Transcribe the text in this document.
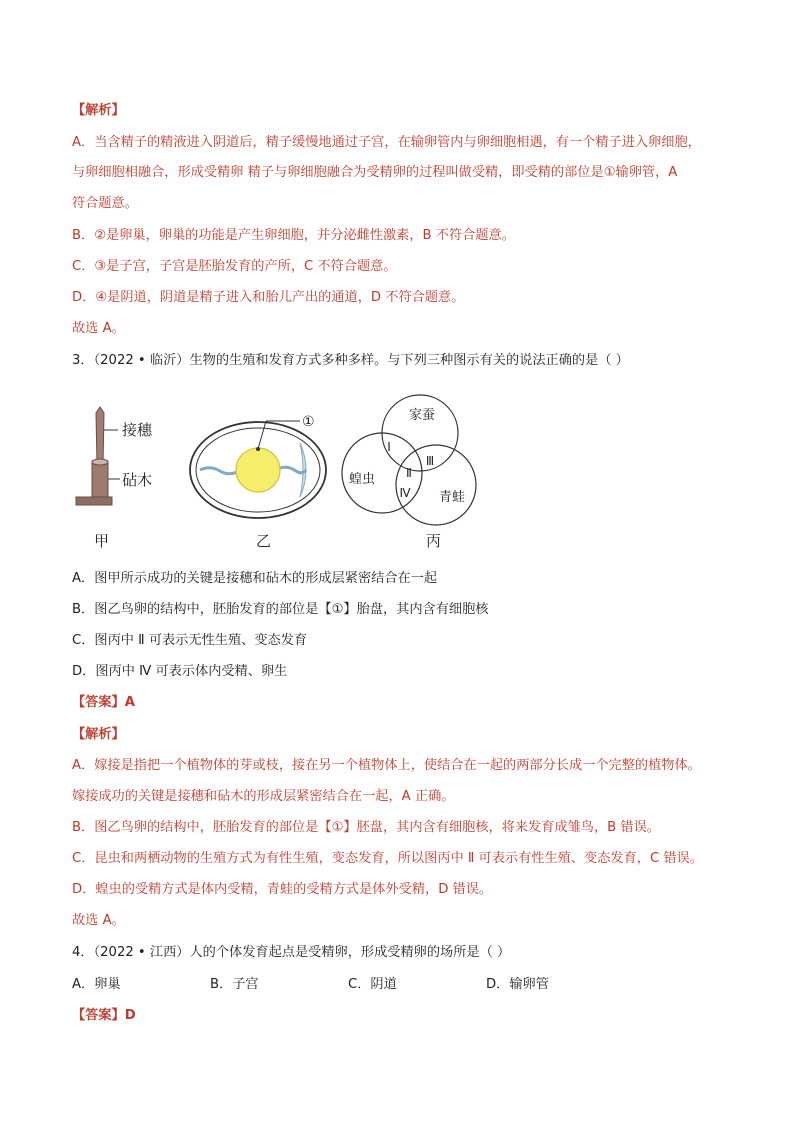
【解析】
A．当含精子的精液进入阴道后，精子缓慢地通过子宫，在输卵管内与卵细胞相遇，有一个精子进入卵细胞，
与卵细胞相融合，形成受精卵 精子与卵细胞融合为受精卵的过程叫做受精，即受精的部位是①输卵管，A
符合题意。
B．②是卵巢，卵巢的功能是产生卵细胞，并分泌雌性激素，B 不符合题意。
C．③是子宫，子宫是胚胎发育的产所，C 不符合题意。
D．④是阴道，阴道是精子进入和胎儿产出的通道，D 不符合题意。
故选 A。
3．（2022 • 临沂）生物的生殖和发育方式多种多样。与下列三种图示有关的说法正确的是（ ）
接穗
砧木
①	家蚕
蝗虫
青蛙
Ⅰ
Ⅱ
Ⅲ
Ⅳ
甲	乙	丙
A．图甲所示成功的关键是接穗和砧木的形成层紧密结合在一起
B．图乙鸟卵的结构中，胚胎发育的部位是【①】胎盘，其内含有细胞核
C．图丙中 Ⅱ 可表示无性生殖、变态发育
D．图丙中 Ⅳ 可表示体内受精、卵生
【答案】A
【解析】
A．嫁接是指把一个植物体的芽或枝，接在另一个植物体上，使结合在一起的两部分长成一个完整的植物体。
嫁接成功的关键是接穗和砧木的形成层紧密结合在一起，A 正确。
B．图乙鸟卵的结构中，胚胎发育的部位是【①】胚盘，其内含有细胞核，将来发育成雏鸟，B 错误。
C．昆虫和两栖动物的生殖方式为有性生殖，变态发育，所以图丙中 Ⅱ 可表示有性生殖、变态发育，C 错误。
D．蝗虫的受精方式是体内受精，青蛙的受精方式是体外受精，D 错误。
故选 A。
4．（2022 • 江西）人的个体发育起点是受精卵，形成受精卵的场所是（ ）
A．卵巢	B．子宫	C．阴道	D．输卵管
【答案】D
